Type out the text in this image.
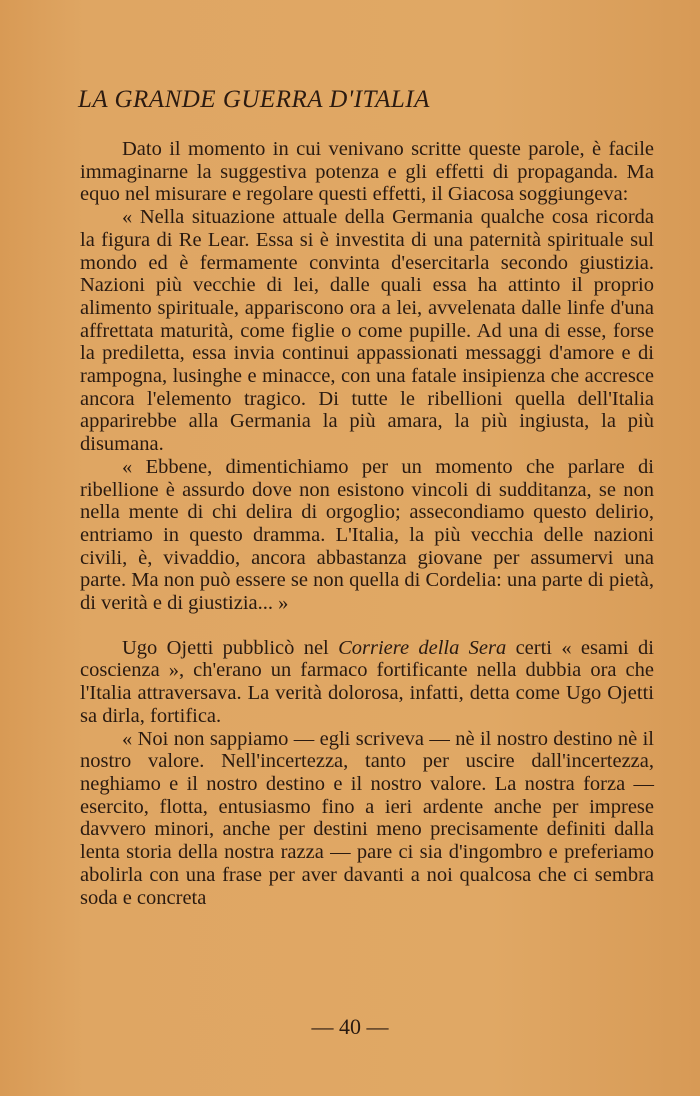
LA GRANDE GUERRA D'ITALIA

Dato il momento in cui venivano scritte queste parole, è facile immaginarne la suggestiva potenza e gli effetti di propaganda. Ma equo nel misurare e regolare questi effetti, il Giacosa soggiungeva:

« Nella situazione attuale della Germania qualche cosa ricorda la figura di Re Lear. Essa si è investita di una paternità spirituale sul mondo ed è fermamente convinta d'esercitarla secondo giustizia. Nazioni più vecchie di lei, dalle quali essa ha attinto il proprio alimento spirituale, appariscono ora a lei, avvelenata dalle linfe d'una affrettata maturità, come figlie o come pupille. Ad una di esse, forse la prediletta, essa invia continui appassionati messaggi d'amore e di rampogna, lusinghe e minacce, con una fatale insipienza che accresce ancora l'elemento tragico. Di tutte le ribellioni quella dell'Italia apparirebbe alla Germania la più amara, la più ingiusta, la più disumana.

« Ebbene, dimentichiamo per un momento che parlare di ribellione è assurdo dove non esistono vincoli di sudditanza, se non nella mente di chi delira di orgoglio; assecondiamo questo delirio, entriamo in questo dramma. L'Italia, la più vecchia delle nazioni civili, è, vivaddio, ancora abbastanza giovane per assumervi una parte. Ma non può essere se non quella di Cordelia: una parte di pietà, di verità e di giustizia... »

Ugo Ojetti pubblicò nel Corriere della Sera certi « esami di coscienza », ch'erano un farmaco fortificante nella dubbia ora che l'Italia attraversava. La verità dolorosa, infatti, detta come Ugo Ojetti sa dirla, fortifica.

« Noi non sappiamo — egli scriveva — nè il nostro destino nè il nostro valore. Nell'incertezza, tanto per uscire dall'incertezza, neghiamo e il nostro destino e il nostro valore. La nostra forza — esercito, flotta, entusiasmo fino a ieri ardente anche per imprese davvero minori, anche per destini meno precisamente definiti dalla lenta storia della nostra razza — pare ci sia d'ingombro e preferiamo abolirla con una frase per aver davanti a noi qualcosa che ci sembra soda e concreta

— 40 —
